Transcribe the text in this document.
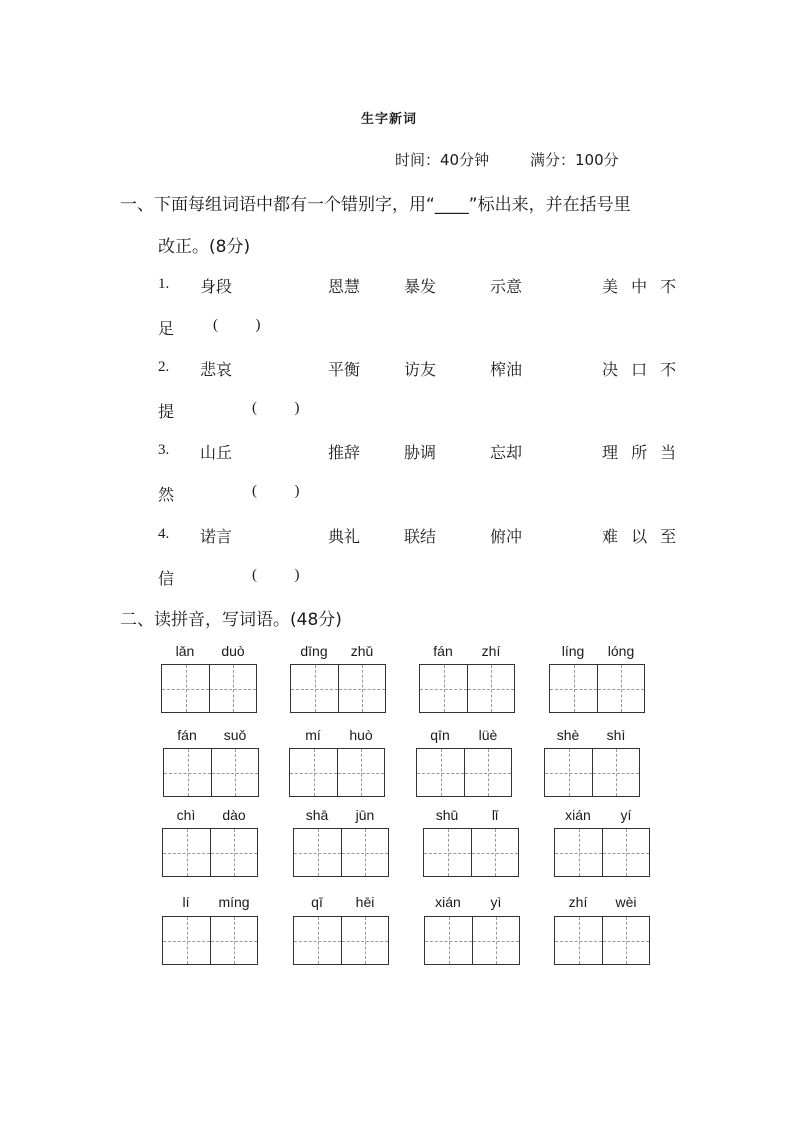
生字新词
时间：40分钟	满分：100分
一、下面每组词语中都有一个错别字，用“____”标出来，并在括号里
改正。(8分)
1. 身段	恩慧	暴发	示意	美 中 不
足	(          )
2. 悲哀	平衡	访友	榨油	决 口 不
提	(          )
3. 山丘	推辞	胁调	忘却	理 所 当
然	(          )
4. 诺言	典礼	联结	俯冲	难 以 至
信	(          )
二、读拼音，写词语。(48分)
lǎn	duò	dīng	zhǔ	fán	zhí	líng	lóng
fán	suǒ	mí	huò	qīn	lüè	shè	shì
chì	dào	shā	jūn	shū	lǐ	xián	yí
lí	míng	qī	hēi	xián	yì	zhí	wèi
